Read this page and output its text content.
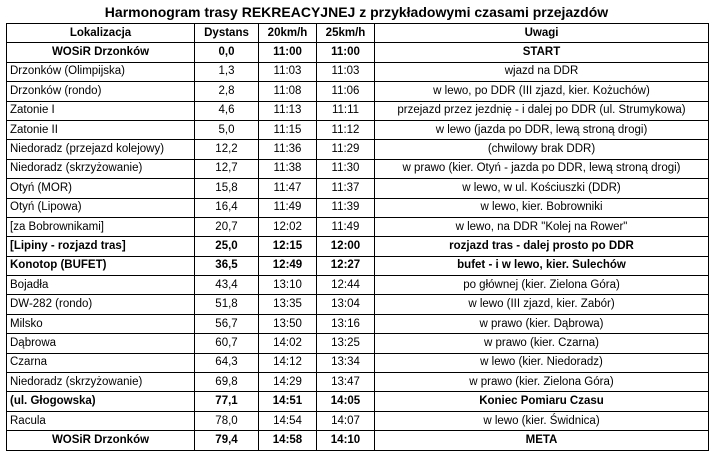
Harmonogram trasy REKREACYJNEJ z przykładowymi czasami przejazdów
Lokalizacja	Dystans	20km/h	25km/h	Uwagi
WOSiR Drzonków	0,0	11:00	11:00	START
Drzonków (Olimpijska)	1,3	11:03	11:03	wjazd na DDR
Drzonków (rondo)	2,8	11:08	11:06	w lewo, po DDR (III zjazd, kier. Kożuchów)
Zatonie I	4,6	11:13	11:11	przejazd przez jezdnię - i dalej po DDR (ul. Strumykowa)
Zatonie II	5,0	11:15	11:12	w lewo (jazda po DDR, lewą stroną drogi)
Niedoradz (przejazd kolejowy)	12,2	11:36	11:29	(chwilowy brak DDR)
Niedoradz (skrzyżowanie)	12,7	11:38	11:30	w prawo (kier. Otyń - jazda po DDR, lewą stroną drogi)
Otyń (MOR)	15,8	11:47	11:37	w lewo, w ul. Kościuszki (DDR)
Otyń (Lipowa)	16,4	11:49	11:39	w lewo, kier. Bobrowniki
[za Bobrownikami]	20,7	12:02	11:49	w lewo, na DDR "Kolej na Rower"
[Lipiny - rozjazd tras]	25,0	12:15	12:00	rozjazd tras - dalej prosto po DDR
Konotop (BUFET)	36,5	12:49	12:27	bufet - i w lewo, kier. Sulechów
Bojadła	43,4	13:10	12:44	po głównej (kier. Zielona Góra)
DW-282 (rondo)	51,8	13:35	13:04	w lewo (III zjazd, kier. Zabór)
Milsko	56,7	13:50	13:16	w prawo (kier. Dąbrowa)
Dąbrowa	60,7	14:02	13:25	w prawo (kier. Czarna)
Czarna	64,3	14:12	13:34	w lewo (kier. Niedoradz)
Niedoradz (skrzyżowanie)	69,8	14:29	13:47	w prawo (kier. Zielona Góra)
(ul. Głogowska)	77,1	14:51	14:05	Koniec Pomiaru Czasu
Racula	78,0	14:54	14:07	w lewo (kier. Świdnica)
WOSiR Drzonków	79,4	14:58	14:10	META
